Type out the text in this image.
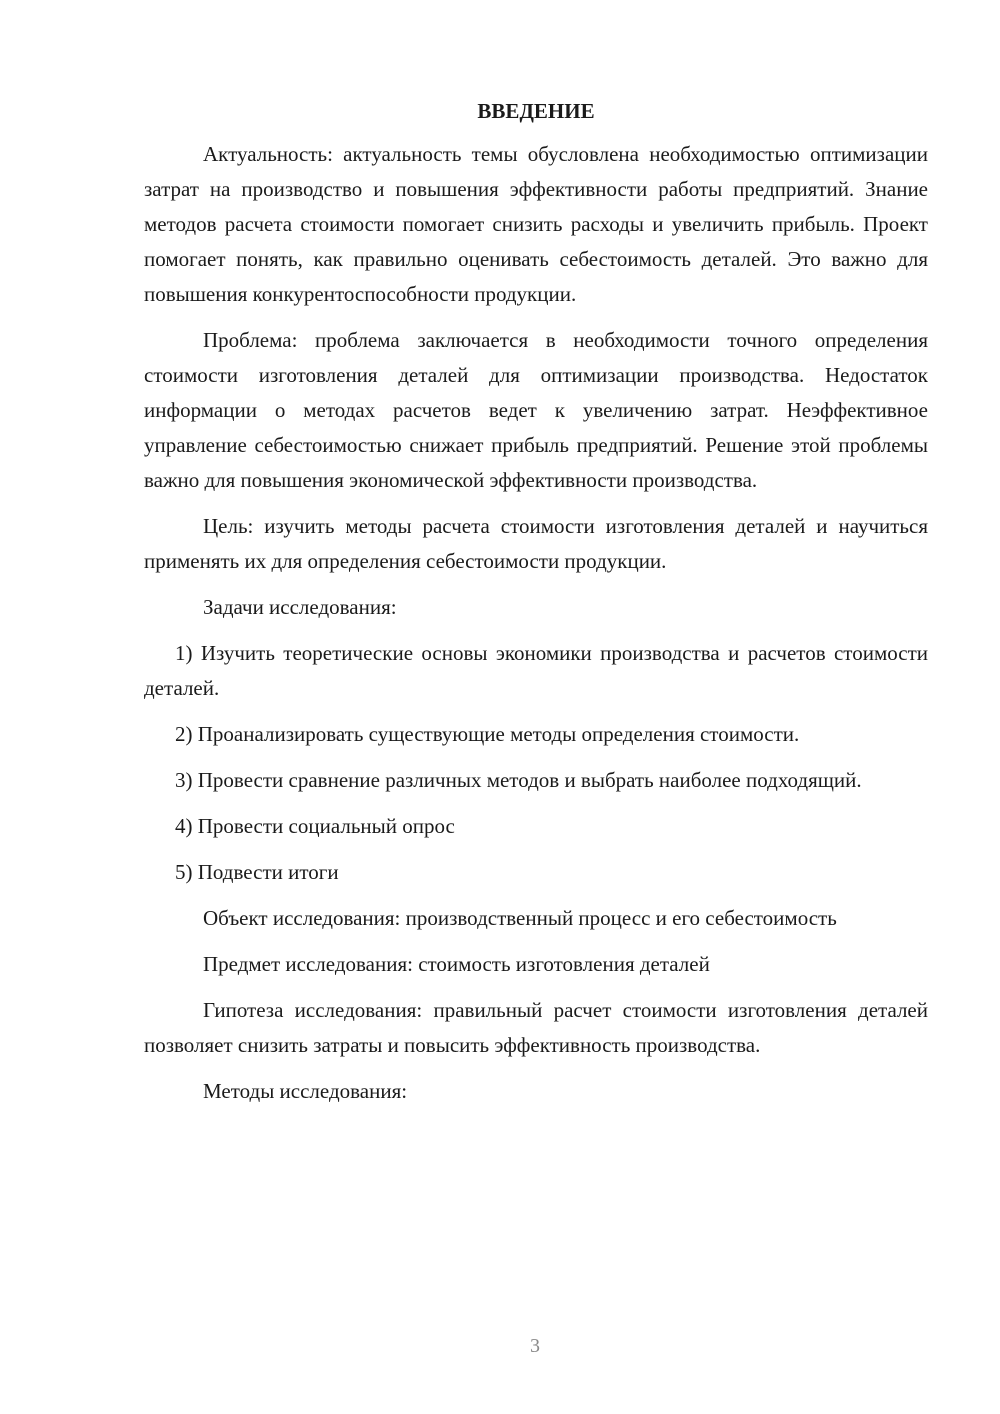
ВВЕДЕНИЕ
Актуальность: актуальность темы обусловлена необходимостью оптимизации затрат на производство и повышения эффективности работы предприятий. Знание методов расчета стоимости помогает снизить расходы и увеличить прибыль. Проект помогает понять, как правильно оценивать себестоимость деталей. Это важно для повышения конкурентоспособности продукции.
Проблема: проблема заключается в необходимости точного определения стоимости изготовления деталей для оптимизации производства. Недостаток информации о методах расчетов ведет к увеличению затрат. Неэффективное управление себестоимостью снижает прибыль предприятий. Решение этой проблемы важно для повышения экономической эффективности производства.
Цель: изучить методы расчета стоимости изготовления деталей и научиться применять их для определения себестоимости продукции.
Задачи исследования:
1) Изучить теоретические основы экономики производства и расчетов стоимости деталей.
2) Проанализировать существующие методы определения стоимости.
3) Провести сравнение различных методов и выбрать наиболее подходящий.
4) Провести социальный опрос
5) Подвести итоги
Объект исследования: производственный процесс и его себестоимость
Предмет исследования: стоимость изготовления деталей
Гипотеза исследования: правильный расчет стоимости изготовления деталей позволяет снизить затраты и повысить эффективность производства.
Методы исследования:
3
